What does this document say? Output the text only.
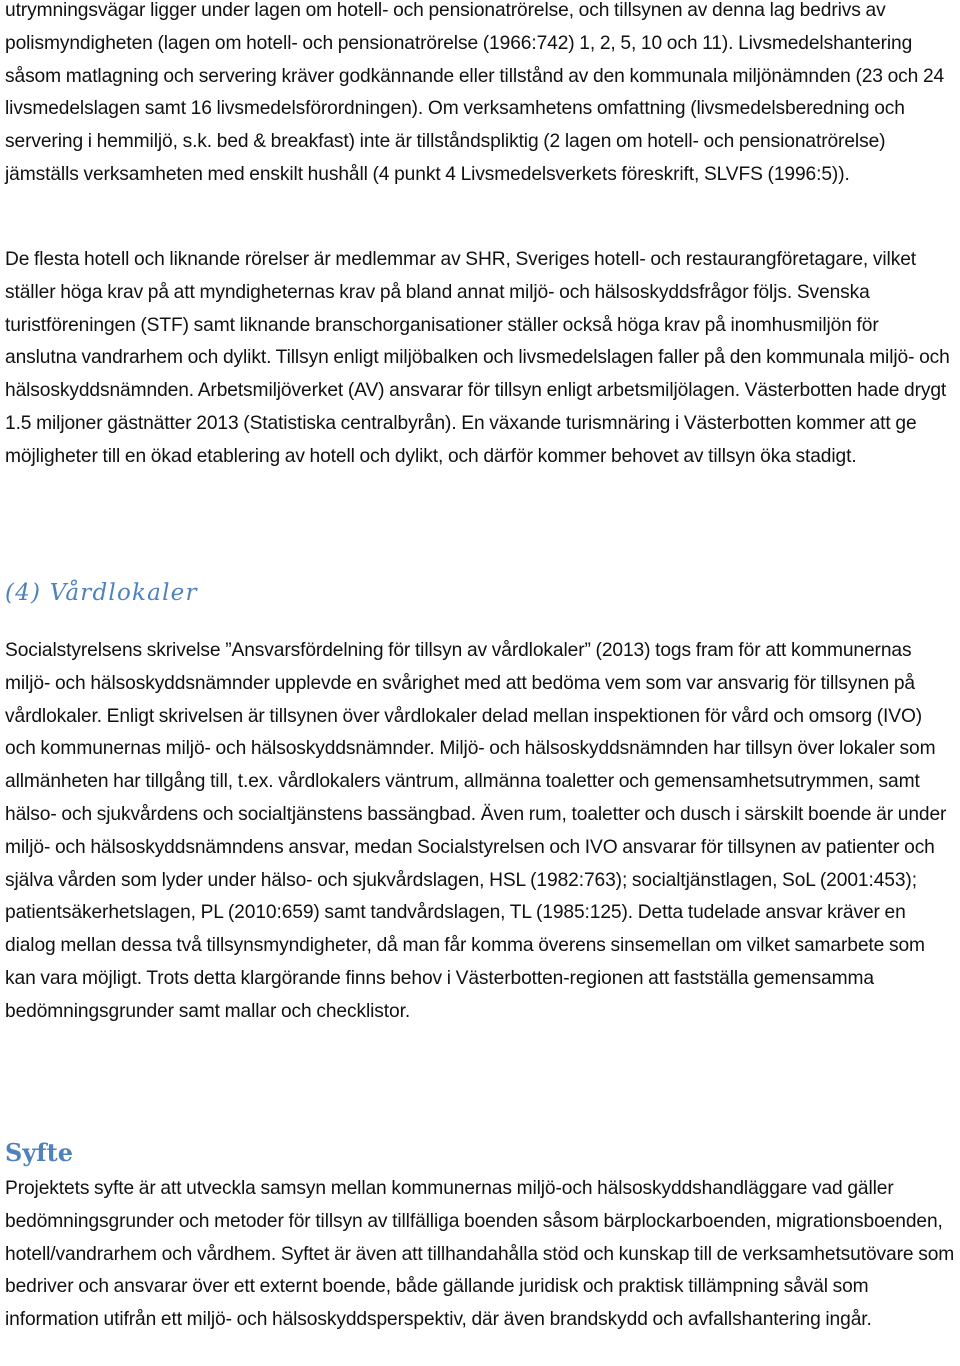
utrymningsvägar ligger under lagen om hotell- och pensionatrörelse, och tillsynen av denna lag bedrivs av polismyndigheten (lagen om hotell- och pensionatrörelse (1966:742) 1, 2, 5, 10 och 11). Livsmedelshantering såsom matlagning och servering kräver godkännande eller tillstånd av den kommunala miljönämnden (23 och 24 livsmedelslagen samt 16 livsmedelsförordningen). Om verksamhetens omfattning (livsmedelsberedning och servering i hemmiljö, s.k. bed & breakfast) inte är tillståndspliktig (2 lagen om hotell- och pensionatrörelse) jämställs verksamheten med enskilt hushåll (4 punkt 4 Livsmedelsverkets föreskrift, SLVFS (1996:5)).

De flesta hotell och liknande rörelser är medlemmar av SHR, Sveriges hotell- och restaurangföretagare, vilket ställer höga krav på att myndigheternas krav på bland annat miljö- och hälsoskyddsfrågor följs. Svenska turistföreningen (STF) samt liknande branschorganisationer ställer också höga krav på inomhusmiljön för anslutna vandrarhem och dylikt. Tillsyn enligt miljöbalken och livsmedelslagen faller på den kommunala miljö- och hälsoskyddsnämnden. Arbetsmiljöverket (AV) ansvarar för tillsyn enligt arbetsmiljölagen. Västerbotten hade drygt 1.5 miljoner gästnätter 2013 (Statistiska centralbyrån). En växande turismnäring i Västerbotten kommer att ge möjligheter till en ökad etablering av hotell och dylikt, och därför kommer behovet av tillsyn öka stadigt.

(4) Vårdlokaler

Socialstyrelsens skrivelse ”Ansvarsfördelning för tillsyn av vårdlokaler” (2013) togs fram för att kommunernas miljö- och hälsoskyddsnämnder upplevde en svårighet med att bedöma vem som var ansvarig för tillsynen på vårdlokaler. Enligt skrivelsen är tillsynen över vårdlokaler delad mellan inspektionen för vård och omsorg (IVO) och kommunernas miljö- och hälsoskyddsnämnder. Miljö- och hälsoskyddsnämnden har tillsyn över lokaler som allmänheten har tillgång till, t.ex. vårdlokalers väntrum, allmänna toaletter och gemensamhetsutrymmen, samt hälso- och sjukvårdens och socialtjänstens bassängbad. Även rum, toaletter och dusch i särskilt boende är under miljö- och hälsoskyddsnämndens ansvar, medan Socialstyrelsen och IVO ansvarar för tillsynen av patienter och själva vården som lyder under hälso- och sjukvårdslagen, HSL (1982:763); socialtjänstlagen, SoL (2001:453); patientsäkerhetslagen, PL (2010:659) samt tandvårdslagen, TL (1985:125). Detta tudelade ansvar kräver en dialog mellan dessa två tillsynsmyndigheter, då man får komma överens sinsemellan om vilket samarbete som kan vara möjligt. Trots detta klargörande finns behov i Västerbotten-regionen att fastställa gemensamma bedömningsgrunder samt mallar och checklistor.

Syfte

Projektets syfte är att utveckla samsyn mellan kommunernas miljö-och hälsoskyddshandläggare vad gäller bedömningsgrunder och metoder för tillsyn av tillfälliga boenden såsom bärplockarboenden, migrationsboenden, hotell/vandrarhem och vårdhem. Syftet är även att tillhandahålla stöd och kunskap till de verksamhetsutövare som bedriver och ansvarar över ett externt boende, både gällande juridisk och praktisk tillämpning såväl som information utifrån ett miljö- och hälsoskyddsperspektiv, där även brandskydd och avfallshantering ingår.
